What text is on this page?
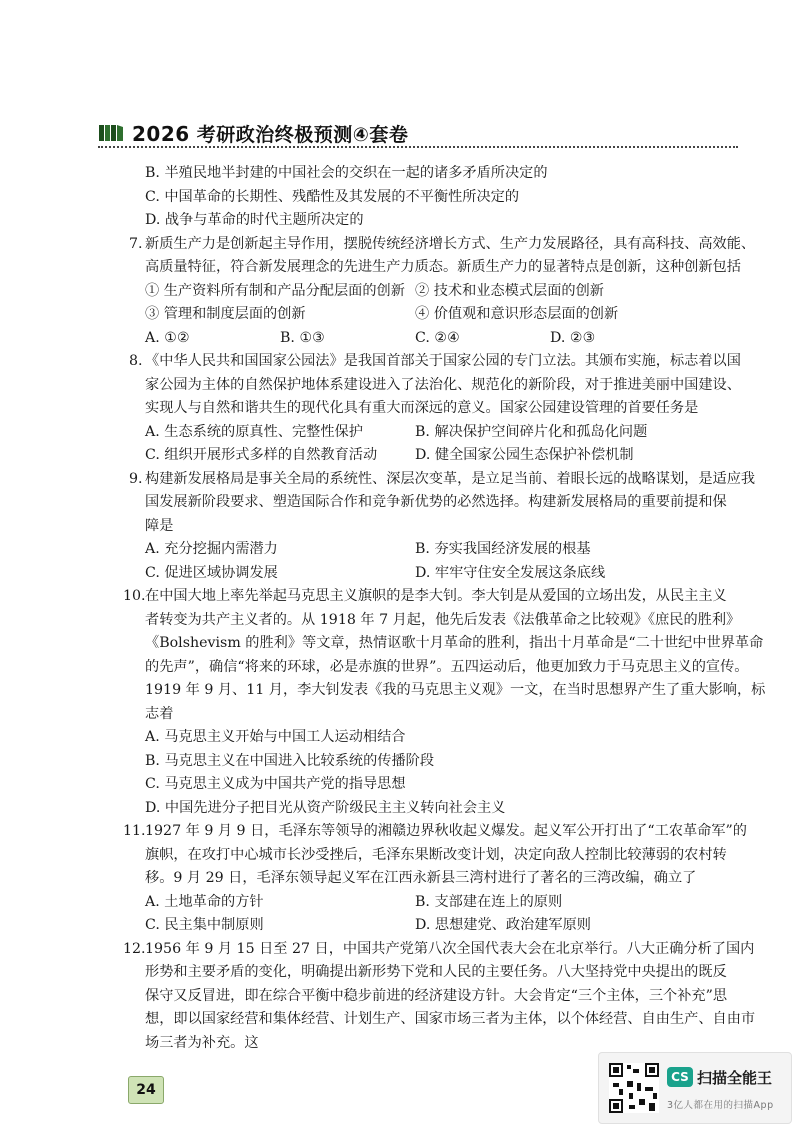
2026 考研政治终极预测④套卷
B. 半殖民地半封建的中国社会的交织在一起的诸多矛盾所决定的
C. 中国革命的长期性、残酷性及其发展的不平衡性所决定的
D. 战争与革命的时代主题所决定的
7. 新质生产力是创新起主导作用，摆脱传统经济增长方式、生产力发展路径，具有高科技、高效能、
高质量特征，符合新发展理念的先进生产力质态。新质生产力的显著特点是创新，这种创新包括
① 生产资料所有制和产品分配层面的创新 ② 技术和业态模式层面的创新
③ 管理和制度层面的创新	④ 价值观和意识形态层面的创新
A. ①②	B. ①③	C. ②④	D. ②③
8. 《中华人民共和国国家公园法》是我国首部关于国家公园的专门立法。其颁布实施，标志着以国
家公园为主体的自然保护地体系建设进入了法治化、规范化的新阶段，对于推进美丽中国建设、
实现人与自然和谐共生的现代化具有重大而深远的意义。国家公园建设管理的首要任务是
A. 生态系统的原真性、完整性保护	B. 解决保护空间碎片化和孤岛化问题
C. 组织开展形式多样的自然教育活动	D. 健全国家公园生态保护补偿机制
9. 构建新发展格局是事关全局的系统性、深层次变革，是立足当前、着眼长远的战略谋划，是适应我
国发展新阶段要求、塑造国际合作和竞争新优势的必然选择。构建新发展格局的重要前提和保
障是
A. 充分挖掘内需潜力	B. 夯实我国经济发展的根基
C. 促进区域协调发展	D. 牢牢守住安全发展这条底线
10. 在中国大地上率先举起马克思主义旗帜的是李大钊。李大钊是从爱国的立场出发，从民主主义
者转变为共产主义者的。从 1918 年 7 月起，他先后发表《法俄革命之比较观》《庶民的胜利》
《Bolshevism 的胜利》等文章，热情讴歌十月革命的胜利，指出十月革命是“二十世纪中世界革命
的先声”，确信“将来的环球，必是赤旗的世界”。五四运动后，他更加致力于马克思主义的宣传。
1919 年 9 月、11 月，李大钊发表《我的马克思主义观》一文，在当时思想界产生了重大影响，标
志着
A. 马克思主义开始与中国工人运动相结合
B. 马克思主义在中国进入比较系统的传播阶段
C. 马克思主义成为中国共产党的指导思想
D. 中国先进分子把目光从资产阶级民主主义转向社会主义
11. 1927 年 9 月 9 日，毛泽东等领导的湘赣边界秋收起义爆发。起义军公开打出了“工农革命军”的
旗帜，在攻打中心城市长沙受挫后，毛泽东果断改变计划，决定向敌人控制比较薄弱的农村转
移。9 月 29 日，毛泽东领导起义军在江西永新县三湾村进行了著名的三湾改编，确立了
A. 土地革命的方针	B. 支部建在连上的原则
C. 民主集中制原则	D. 思想建党、政治建军原则
12. 1956 年 9 月 15 日至 27 日，中国共产党第八次全国代表大会在北京举行。八大正确分析了国内
形势和主要矛盾的变化，明确提出新形势下党和人民的主要任务。八大坚持党中央提出的既反
保守又反冒进，即在综合平衡中稳步前进的经济建设方针。大会肯定“三个主体，三个补充”思
想，即以国家经营和集体经营、计划生产、国家市场三者为主体，以个体经营、自由生产、自由市
场三者为补充。这
24
CS 扫描全能王
3亿人都在用的扫描App
